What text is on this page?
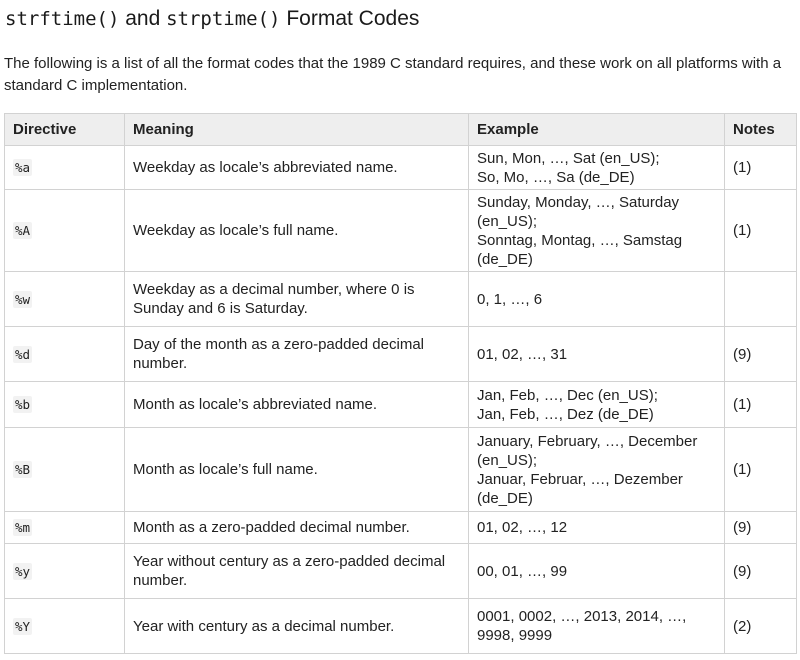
strftime() and strptime() Format Codes

The following is a list of all the format codes that the 1989 C standard requires, and these work on all platforms with a standard C implementation.

Directive	Meaning	Example	Notes
%a	Weekday as locale’s abbreviated name.	Sun, Mon, …, Sat (en_US);
So, Mo, …, Sa (de_DE)	(1)
%A	Weekday as locale’s full name.	Sunday, Monday, …, Saturday
(en_US);
Sonntag, Montag, …, Samstag
(de_DE)	(1)
%w	Weekday as a decimal number, where 0 is Sunday and 6 is Saturday.	0, 1, …, 6	

%d	Day of the month as a zero-padded decimal number.	01, 02, …, 31	(9)
%b	Month as locale’s abbreviated name.	Jan, Feb, …, Dec (en_US);
Jan, Feb, …, Dez (de_DE)	(1)
%B	Month as locale’s full name.	January, February, …, December
(en_US);
Januar, Februar, …, Dezember
(de_DE)	(1)
%m	Month as a zero-padded decimal number.	01, 02, …, 12	(9)
%y	Year without century as a zero-padded decimal number.	00, 01, …, 99	(9)
%Y	Year with century as a decimal number.	0001, 0002, …, 2013, 2014, …,
9998, 9999	(2)
